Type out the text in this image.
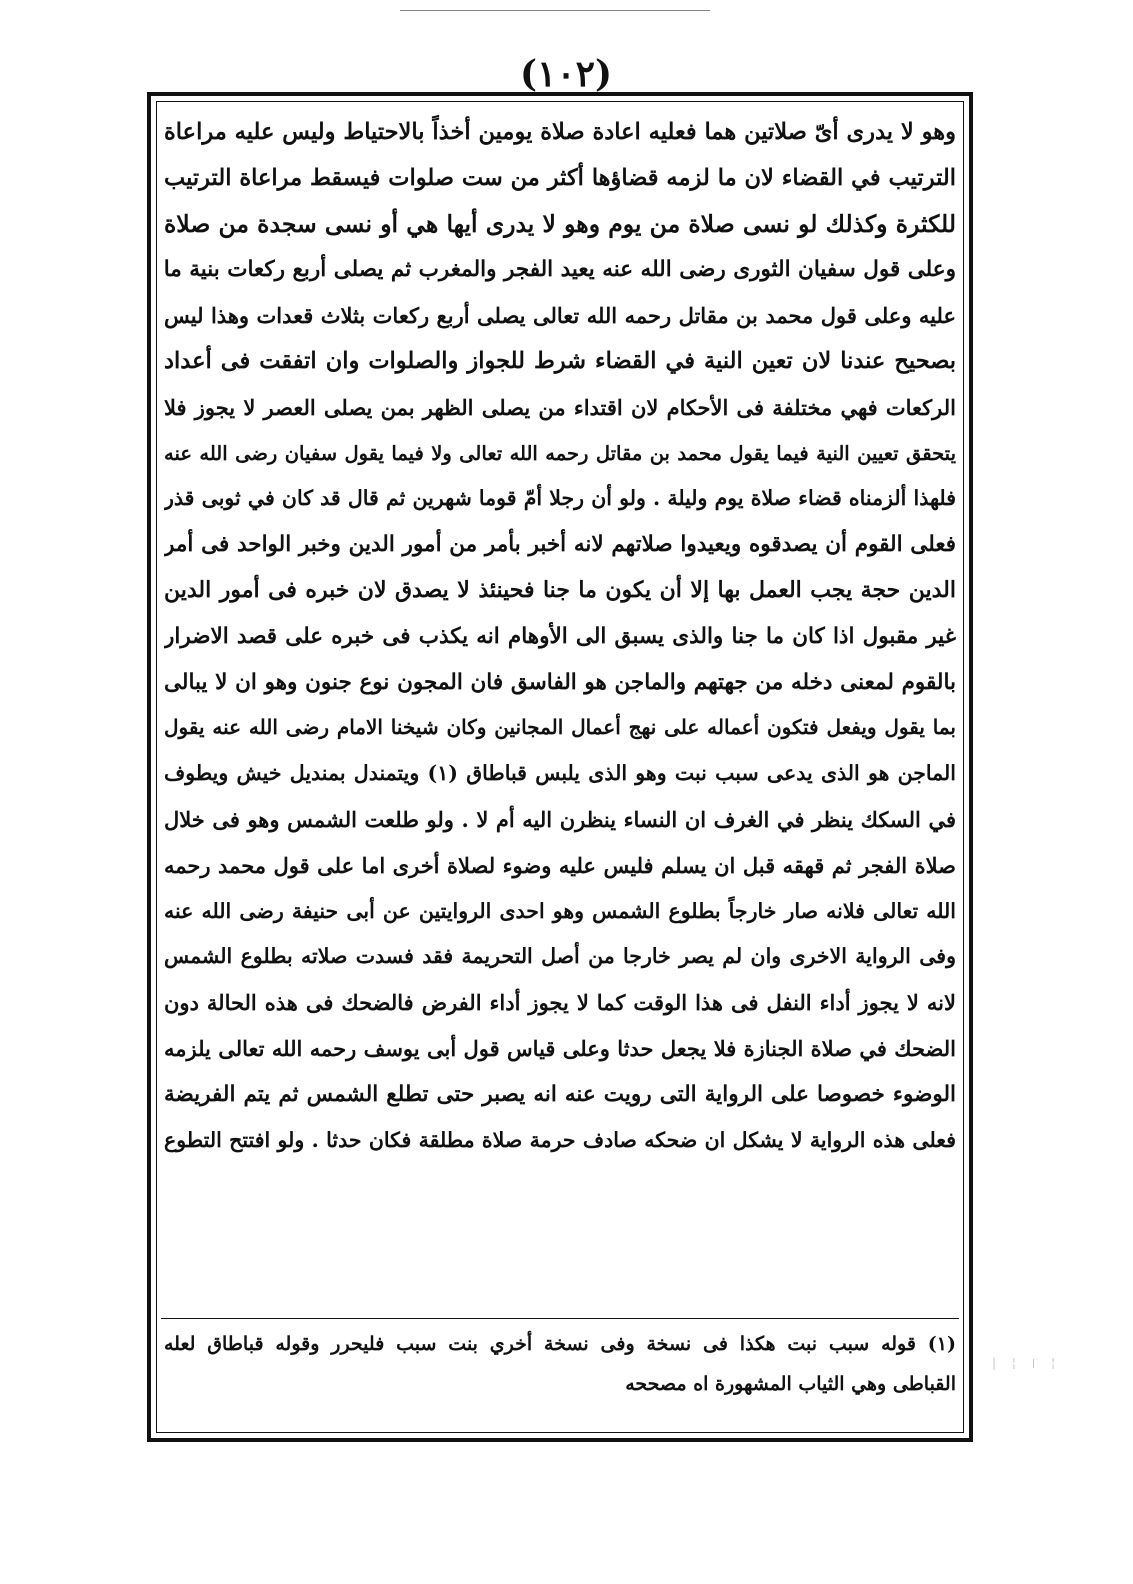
(١٠٢)
وهو لا يدرى أىّ صلاتين هما فعليه اعادة صلاة يومين أخذاً بالاحتياط وليس عليه مراعاة
الترتيب في القضاء لان ما لزمه قضاؤها أكثر من ست صلوات فيسقط مراعاة الترتيب
للكثرة وكذلك لو نسى صلاة من يوم وهو لا يدرى أيها هي أو نسى سجدة من صلاة
وعلى قول سفيان الثورى رضى الله عنه يعيد الفجر والمغرب ثم يصلى أربع ركعات بنية ما
عليه وعلى قول محمد بن مقاتل رحمه الله تعالى يصلى أربع ركعات بثلاث قعدات وهذا ليس
بصحيح عندنا لان تعين النية في القضاء شرط للجواز والصلوات وان اتفقت فى أعداد
الركعات فهي مختلفة فى الأحكام لان اقتداء من يصلى الظهر بمن يصلى العصر لا يجوز فلا
يتحقق تعيين النية فيما يقول محمد بن مقاتل رحمه الله تعالى ولا فيما يقول سفيان رضى الله عنه
فلهذا ألزمناه قضاء صلاة يوم وليلة . ولو أن رجلا أمّ قوما شهرين ثم قال قد كان في ثوبى قذر
فعلى القوم أن يصدقوه ويعيدوا صلاتهم لانه أخبر بأمر من أمور الدين وخبر الواحد فى أمر
الدين حجة يجب العمل بها إلا أن يكون ما جنا فحينئذ لا يصدق لان خبره فى أمور الدين
غير مقبول اذا كان ما جنا والذى يسبق الى الأوهام انه يكذب فى خبره على قصد الاضرار
بالقوم لمعنى دخله من جهتهم والماجن هو الفاسق فان المجون نوع جنون وهو ان لا يبالى
بما يقول ويفعل فتكون أعماله على نهج أعمال المجانين وكان شيخنا الامام رضى الله عنه يقول
الماجن هو الذى يدعى سبب نبت وهو الذى يلبس قباطاق (١) ويتمندل بمنديل خيش ويطوف
في السكك ينظر في الغرف ان النساء ينظرن اليه أم لا . ولو طلعت الشمس وهو فى خلال
صلاة الفجر ثم قهقه قبل ان يسلم فليس عليه وضوء لصلاة أخرى اما على قول محمد رحمه
الله تعالى فلانه صار خارجاً بطلوع الشمس وهو احدى الروايتين عن أبى حنيفة رضى الله عنه
وفى الرواية الاخرى وان لم يصر خارجا من أصل التحريمة فقد فسدت صلاته بطلوع الشمس
لانه لا يجوز أداء النفل فى هذا الوقت كما لا يجوز أداء الفرض فالضحك فى هذه الحالة دون
الضحك في صلاة الجنازة فلا يجعل حدثا وعلى قياس قول أبى يوسف رحمه الله تعالى يلزمه
الوضوء خصوصا على الرواية التى رويت عنه انه يصبر حتى تطلع الشمس ثم يتم الفريضة
فعلى هذه الرواية لا يشكل ان ضحكه صادف حرمة صلاة مطلقة فكان حدثا . ولو افتتح التطوع
(١) قوله سبب نبت هكذا فى نسخة وفى نسخة أخري بنت سبب فليحرر وقوله قباطاق لعله
القباطى وهي الثياب المشهورة اه مصححه
| ¦ ׀ ¦
